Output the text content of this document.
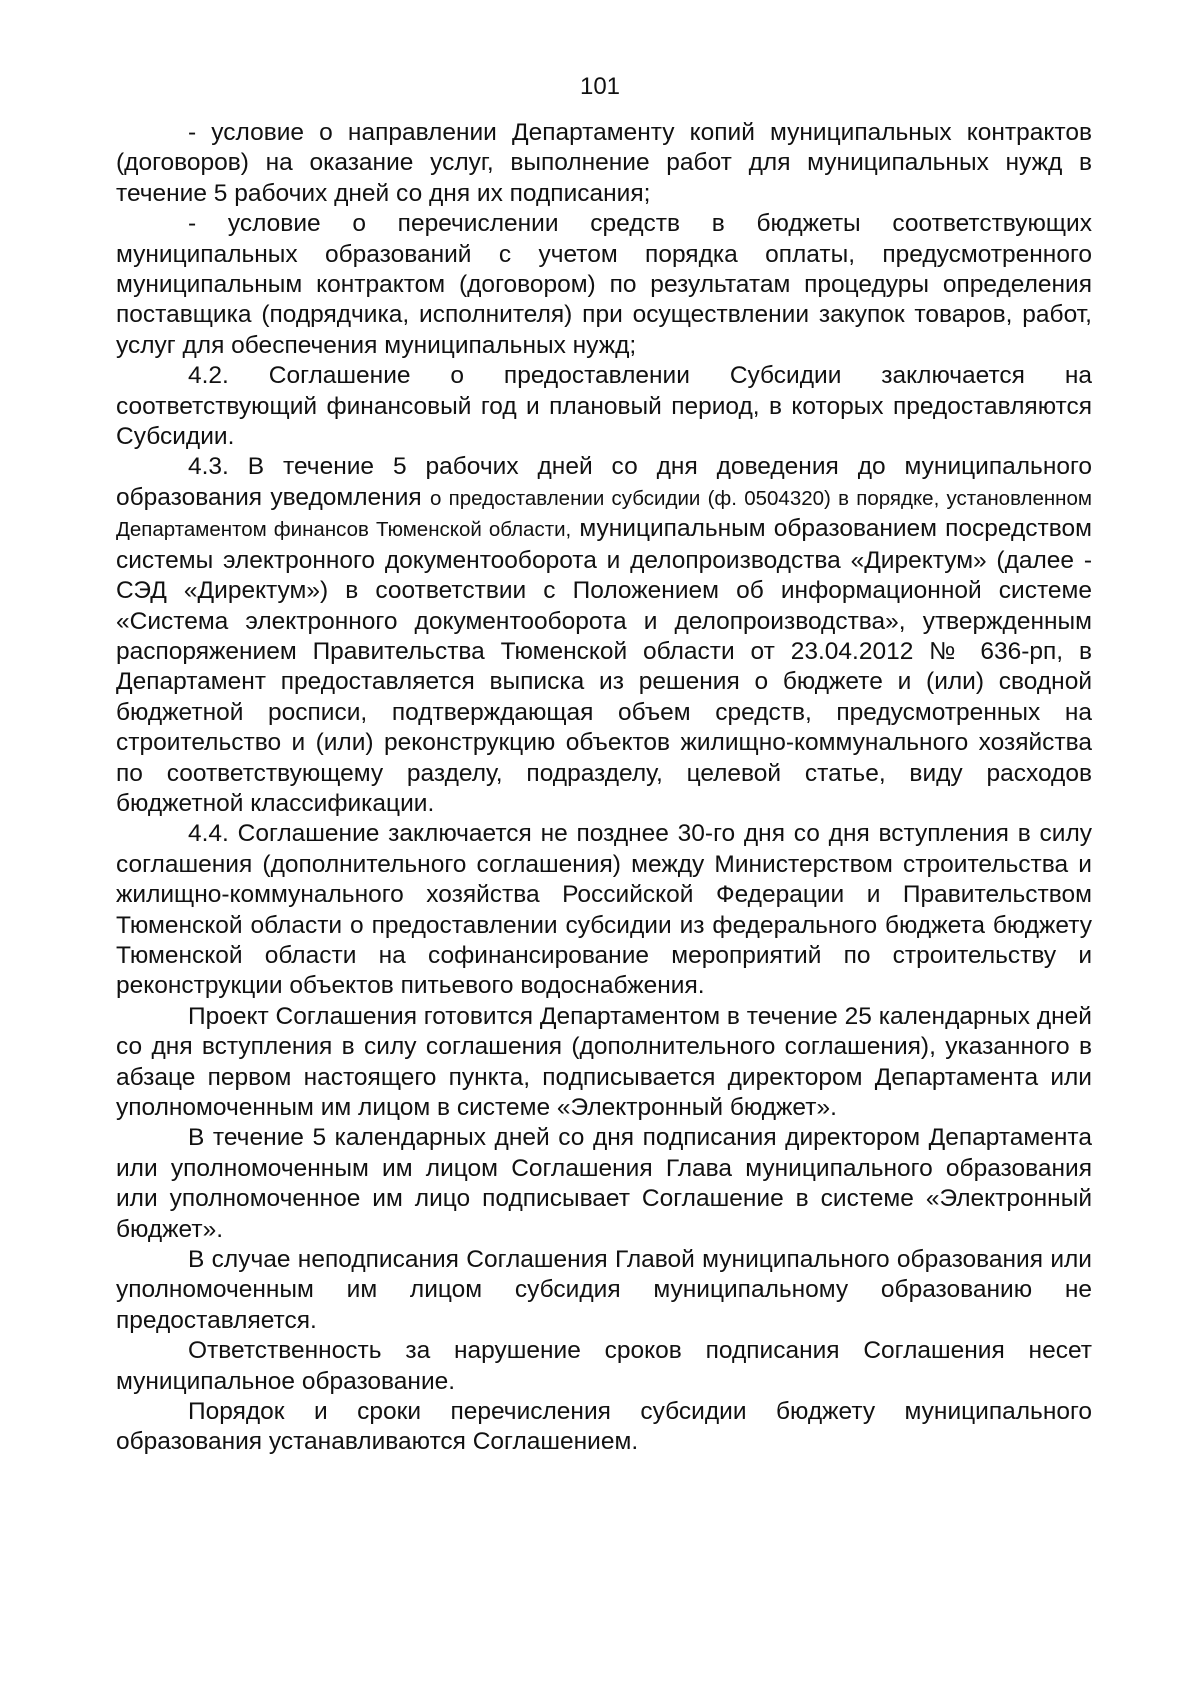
101

- условие о направлении Департаменту копий муниципальных контрактов (договоров) на оказание услуг, выполнение работ для муниципальных нужд в течение 5 рабочих дней со дня их подписания;

- условие о перечислении средств в бюджеты соответствующих муниципальных образований с учетом порядка оплаты, предусмотренного муниципальным контрактом (договором) по результатам процедуры определения поставщика (подрядчика, исполнителя) при осуществлении закупок товаров, работ, услуг для обеспечения муниципальных нужд;

4.2. Соглашение о предоставлении Субсидии заключается на соответствующий финансовый год и плановый период, в которых предоставляются Субсидии.

4.3. В течение 5 рабочих дней со дня доведения до муниципального образования уведомления о предоставлении субсидии (ф. 0504320) в порядке, установленном Департаментом финансов Тюменской области, муниципальным образованием посредством системы электронного документооборота и делопроизводства «Директум» (далее - СЭД «Директум») в соответствии с Положением об информационной системе «Система электронного документооборота и делопроизводства», утвержденным распоряжением Правительства Тюменской области от 23.04.2012 № 636-рп, в Департамент предоставляется выписка из решения о бюджете и (или) сводной бюджетной росписи, подтверждающая объем средств, предусмотренных на строительство и (или) реконструкцию объектов жилищно-коммунального хозяйства по соответствующему разделу, подразделу, целевой статье, виду расходов бюджетной классификации.

4.4. Соглашение заключается не позднее 30-го дня со дня вступления в силу соглашения (дополнительного соглашения) между Министерством строительства и жилищно-коммунального хозяйства Российской Федерации и Правительством Тюменской области о предоставлении субсидии из федерального бюджета бюджету Тюменской области на софинансирование мероприятий по строительству и реконструкции объектов питьевого водоснабжения.

Проект Соглашения готовится Департаментом в течение 25 календарных дней со дня вступления в силу соглашения (дополнительного соглашения), указанного в абзаце первом настоящего пункта, подписывается директором Департамента или уполномоченным им лицом в системе «Электронный бюджет».

В течение 5 календарных дней со дня подписания директором Департамента или уполномоченным им лицом Соглашения Глава муниципального образования или уполномоченное им лицо подписывает Соглашение в системе «Электронный бюджет».

В случае неподписания Соглашения Главой муниципального образования или уполномоченным им лицом субсидия муниципальному образованию не предоставляется.

Ответственность за нарушение сроков подписания Соглашения несет муниципальное образование.

Порядок и сроки перечисления субсидии бюджету муниципального образования устанавливаются Соглашением.
